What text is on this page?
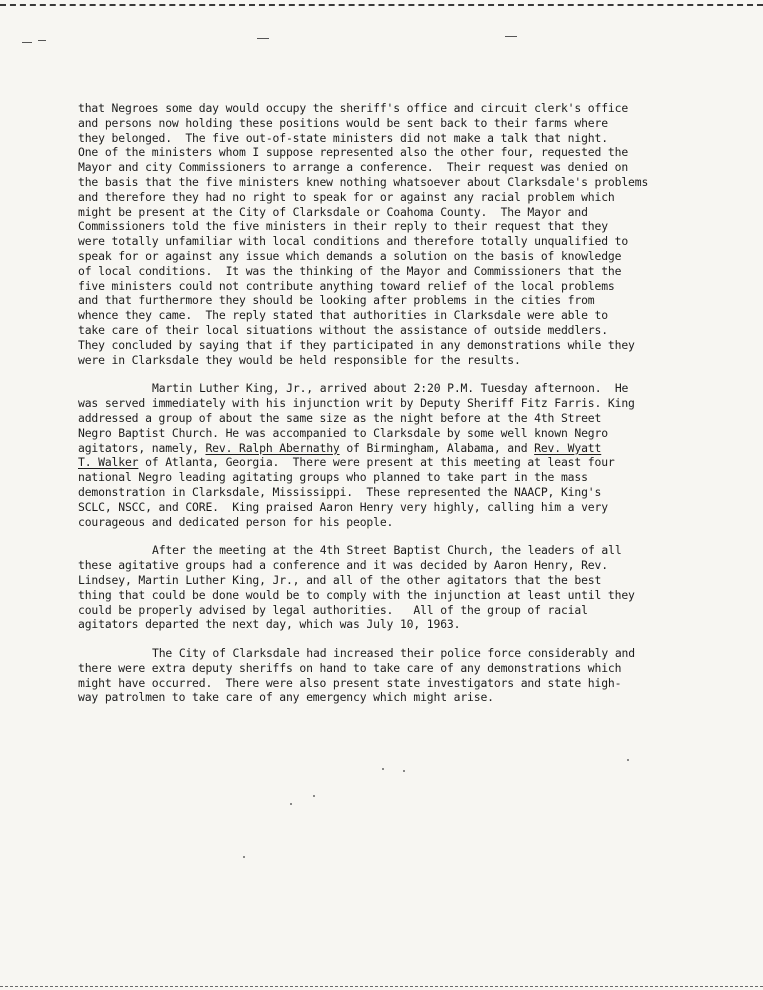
that Negroes some day would occupy the sheriff's office and circuit clerk's office
and persons now holding these positions would be sent back to their farms where
they belonged.  The five out-of-state ministers did not make a talk that night.
One of the ministers whom I suppose represented also the other four, requested the
Mayor and city Commissioners to arrange a conference.  Their request was denied on
the basis that the five ministers knew nothing whatsoever about Clarksdale's problems
and therefore they had no right to speak for or against any racial problem which
might be present at the City of Clarksdale or Coahoma County.  The Mayor and
Commissioners told the five ministers in their reply to their request that they
were totally unfamiliar with local conditions and therefore totally unqualified to
speak for or against any issue which demands a solution on the basis of knowledge
of local conditions.  It was the thinking of the Mayor and Commissioners that the
five ministers could not contribute anything toward relief of the local problems
and that furthermore they should be looking after problems in the cities from
whence they came.  The reply stated that authorities in Clarksdale were able to
take care of their local situations without the assistance of outside meddlers.
They concluded by saying that if they participated in any demonstrations while they
were in Clarksdale they would be held responsible for the results.
Martin Luther King, Jr., arrived about 2:20 P.M. Tuesday afternoon.  He
was served immediately with his injunction writ by Deputy Sheriff Fitz Farris. King
addressed a group of about the same size as the night before at the 4th Street
Negro Baptist Church. He was accompanied to Clarksdale by some well known Negro
agitators, namely, Rev. Ralph Abernathy of Birmingham, Alabama, and Rev. Wyatt
T. Walker of Atlanta, Georgia.  There were present at this meeting at least four
national Negro leading agitating groups who planned to take part in the mass
demonstration in Clarksdale, Mississippi.  These represented the NAACP, King's
SCLC, NSCC, and CORE.  King praised Aaron Henry very highly, calling him a very
courageous and dedicated person for his people.
After the meeting at the 4th Street Baptist Church, the leaders of all
these agitative groups had a conference and it was decided by Aaron Henry, Rev.
Lindsey, Martin Luther King, Jr., and all of the other agitators that the best
thing that could be done would be to comply with the injunction at least until they
could be properly advised by legal authorities.   All of the group of racial
agitators departed the next day, which was July 10, 1963.
The City of Clarksdale had increased their police force considerably and
there were extra deputy sheriffs on hand to take care of any demonstrations which
might have occurred.  There were also present state investigators and state high-
way patrolmen to take care of any emergency which might arise.
